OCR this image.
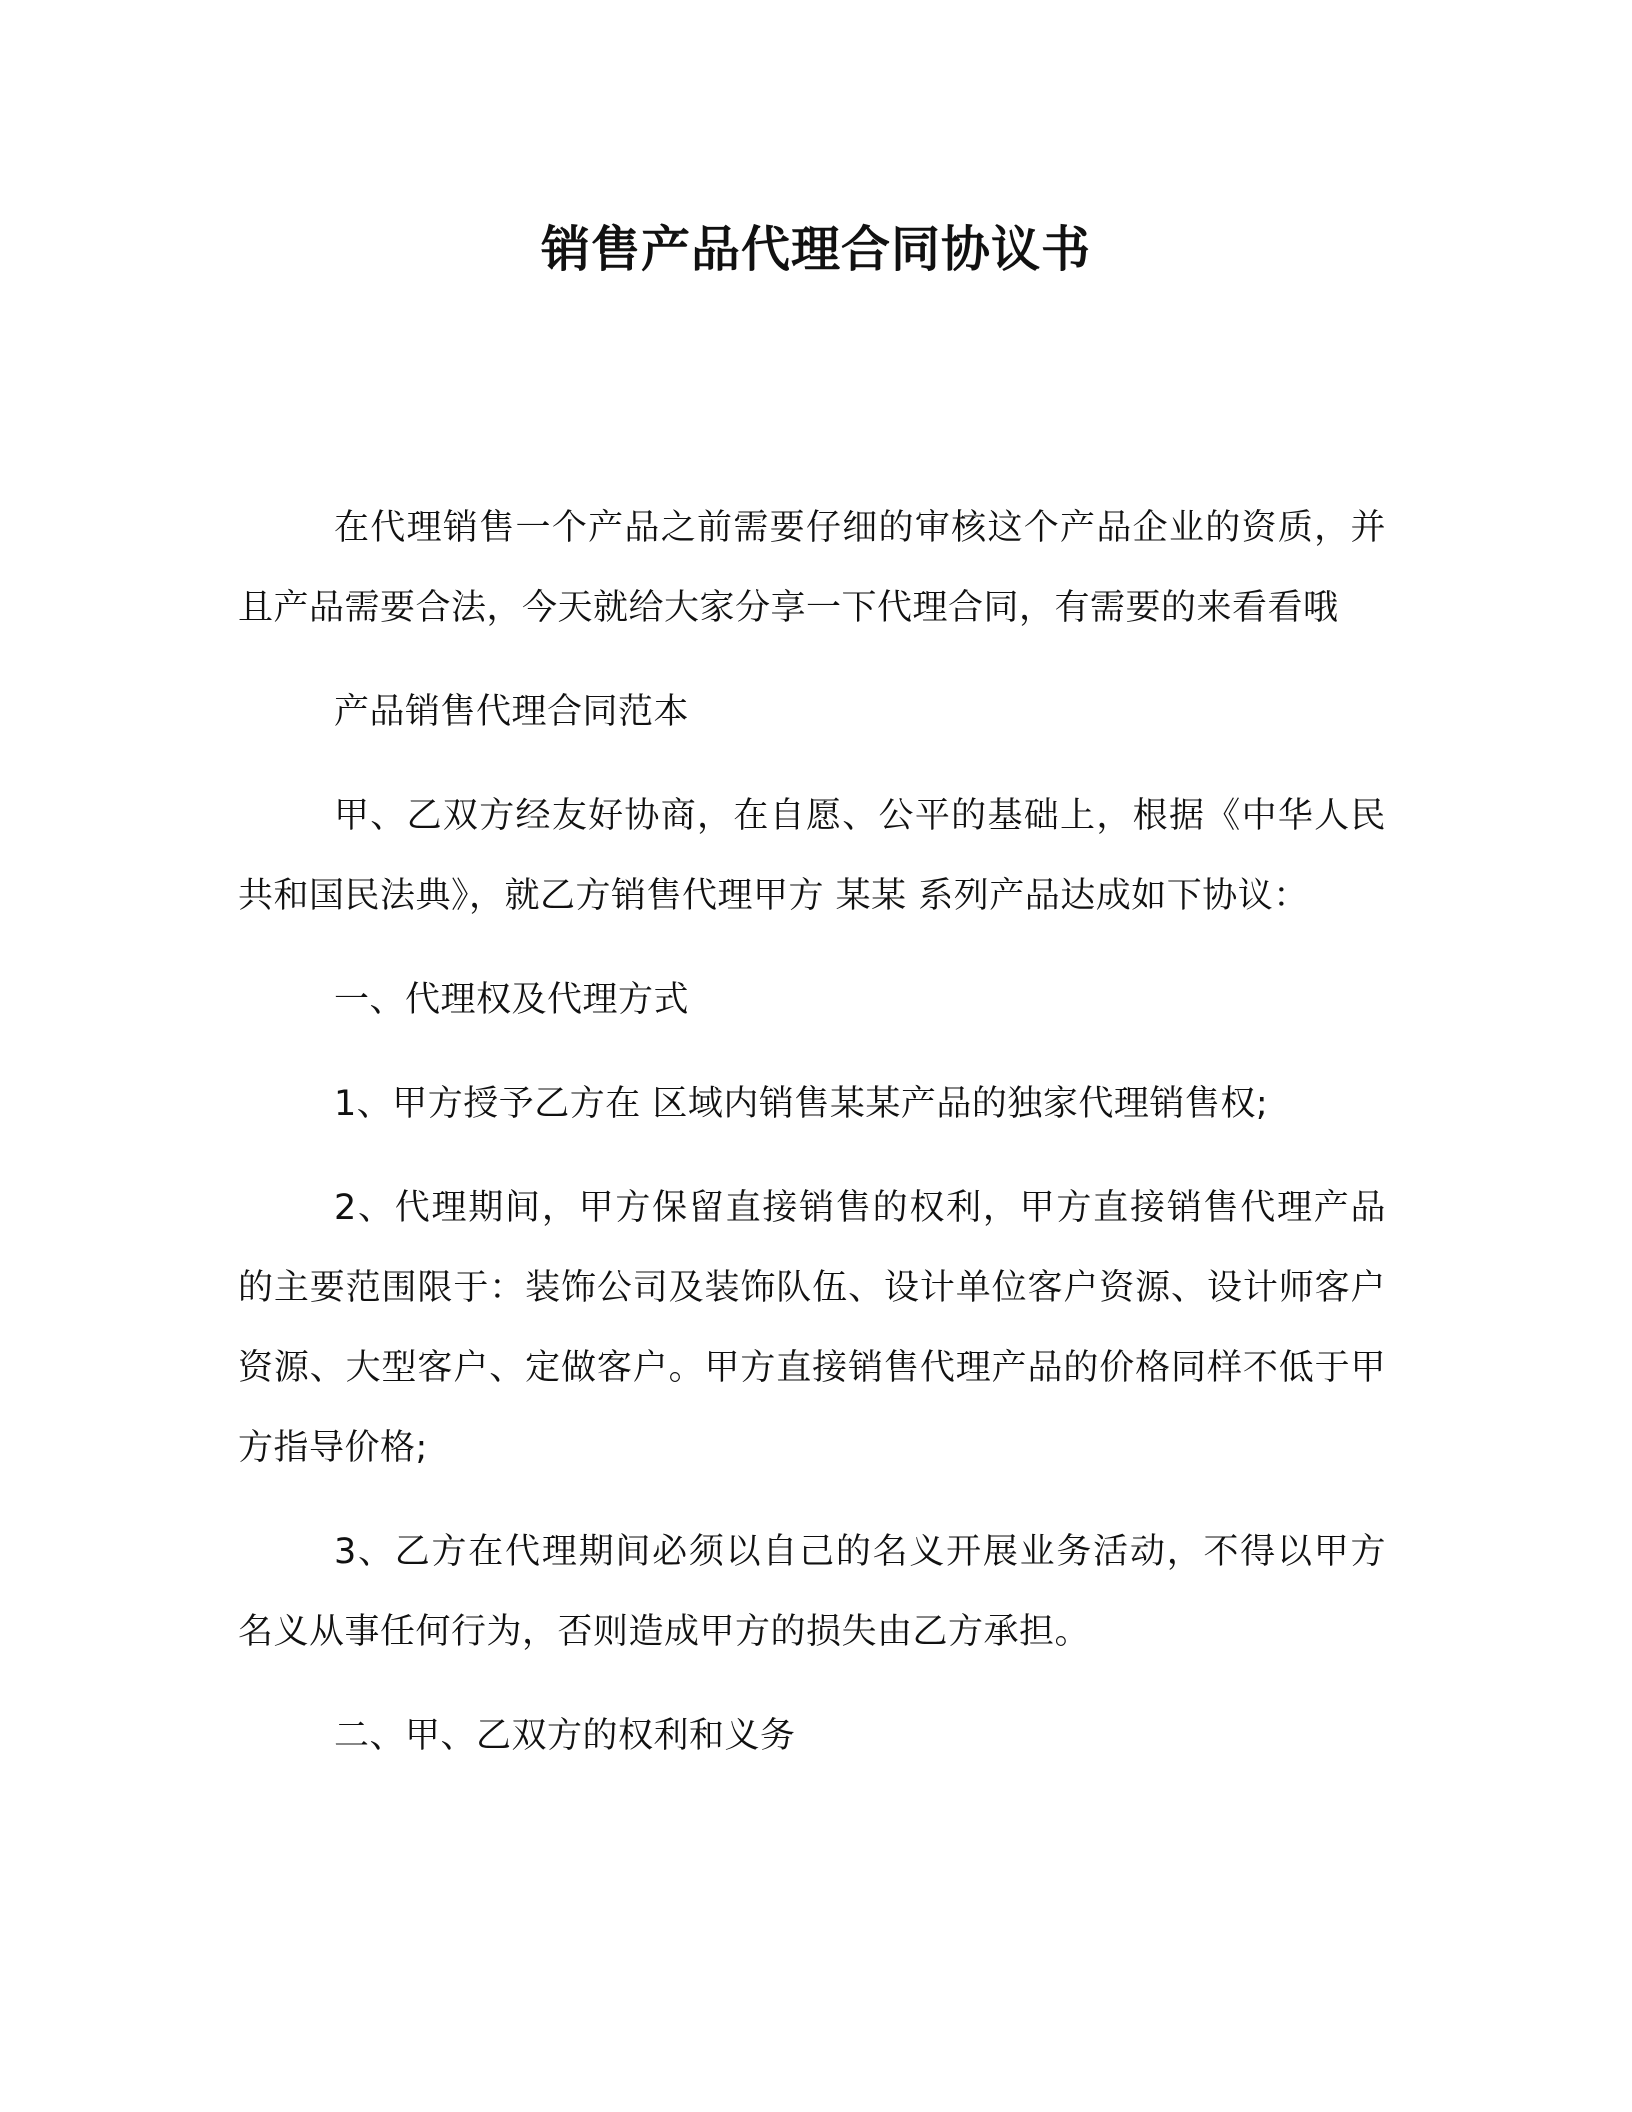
销售产品代理合同协议书

在代理销售一个产品之前需要仔细的审核这个产品企业的资质，并且产品需要合法，今天就给大家分享一下代理合同，有需要的来看看哦

产品销售代理合同范本

甲、乙双方经友好协商，在自愿、公平的基础上，根据《中华人民共和国民法典》，就乙方销售代理甲方 某某 系列产品达成如下协议：

一、代理权及代理方式

1、甲方授予乙方在 区域内销售某某产品的独家代理销售权;

2、代理期间，甲方保留直接销售的权利，甲方直接销售代理产品的主要范围限于：装饰公司及装饰队伍、设计单位客户资源、设计师客户资源、大型客户、定做客户。甲方直接销售代理产品的价格同样不低于甲方指导价格;

3、乙方在代理期间必须以自己的名义开展业务活动，不得以甲方名义从事任何行为，否则造成甲方的损失由乙方承担。

二、甲、乙双方的权利和义务
